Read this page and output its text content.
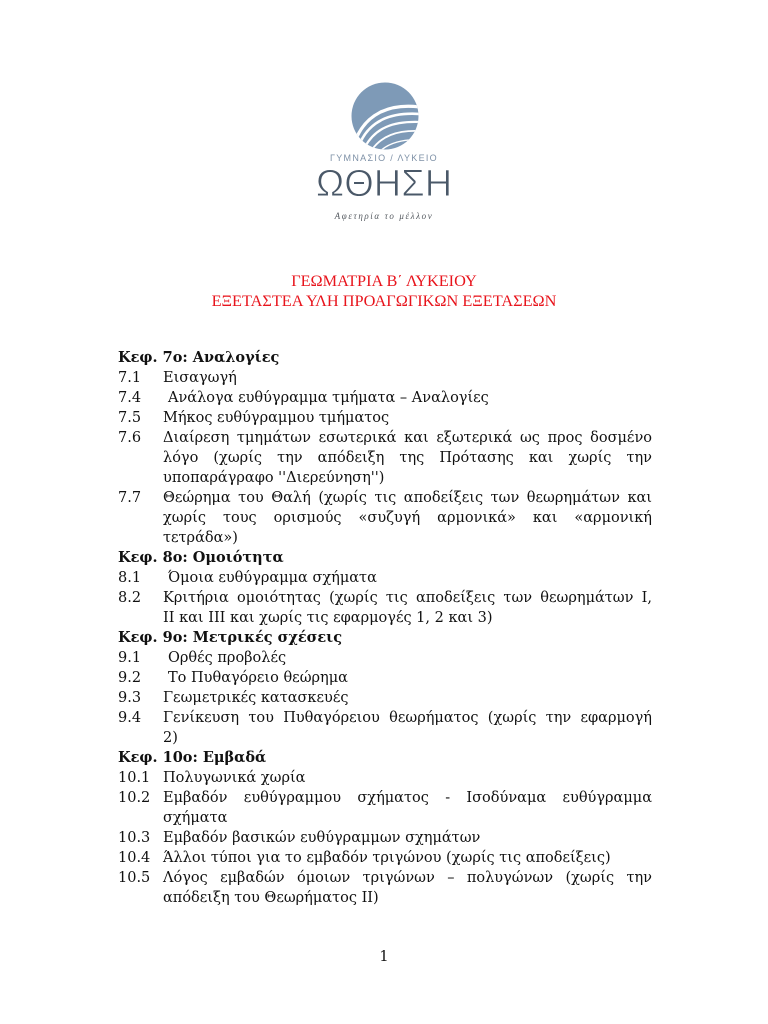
ΓΥΜΝΑΣΙΟ / ΛΥΚΕΙΟ
ΩΘΗΣΗ
Αφετηρία το μέλλον
ΓΕΩΜΑΤΡΙΑ Β΄ ΛΥΚΕΙΟΥ
ΕΞΕΤΑΣΤΕΑ ΥΛΗ ΠΡΟΑΓΩΓΙΚΩΝ ΕΞΕΤΑΣΕΩΝ
Κεφ. 7ο: Αναλογίες
7.1	Εισαγωγή
7.4	Ανάλογα ευθύγραμμα τμήματα – Αναλογίες
7.5	Μήκος ευθύγραμμου τμήματος
7.6	Διαίρεση τμημάτων εσωτερικά και εξωτερικά ως προς δοσμένο
λόγο (χωρίς την απόδειξη της Πρότασης και χωρίς την
υποπαράγραφο ''Διερεύνηση'')
7.7	Θεώρημα του Θαλή (χωρίς τις αποδείξεις των θεωρημάτων και
χωρίς τους ορισμούς «συζυγή αρμονικά» και «αρμονική
τετράδα»)
Κεφ. 8ο: Ομοιότητα
8.1	Όμοια ευθύγραμμα σχήματα
8.2	Κριτήρια ομοιότητας (χωρίς τις αποδείξεις των θεωρημάτων I,
II και III και χωρίς τις εφαρμογές 1, 2 και 3)
Κεφ. 9ο: Μετρικές σχέσεις
9.1	Ορθές προβολές
9.2	Το Πυθαγόρειο θεώρημα
9.3	Γεωμετρικές κατασκευές
9.4	Γενίκευση του Πυθαγόρειου θεωρήματος (χωρίς την εφαρμογή
2)
Κεφ. 10ο: Εμβαδά
10.1 Πολυγωνικά χωρία
10.2 Εμβαδόν ευθύγραμμου σχήματος - Ισοδύναμα ευθύγραμμα
σχήματα
10.3 Εμβαδόν βασικών ευθύγραμμων σχημάτων
10.4 Άλλοι τύποι για το εμβαδόν τριγώνου (χωρίς τις αποδείξεις)
10.5 Λόγος εμβαδών όμοιων τριγώνων – πολυγώνων (χωρίς την
απόδειξη του Θεωρήματος II)
1
